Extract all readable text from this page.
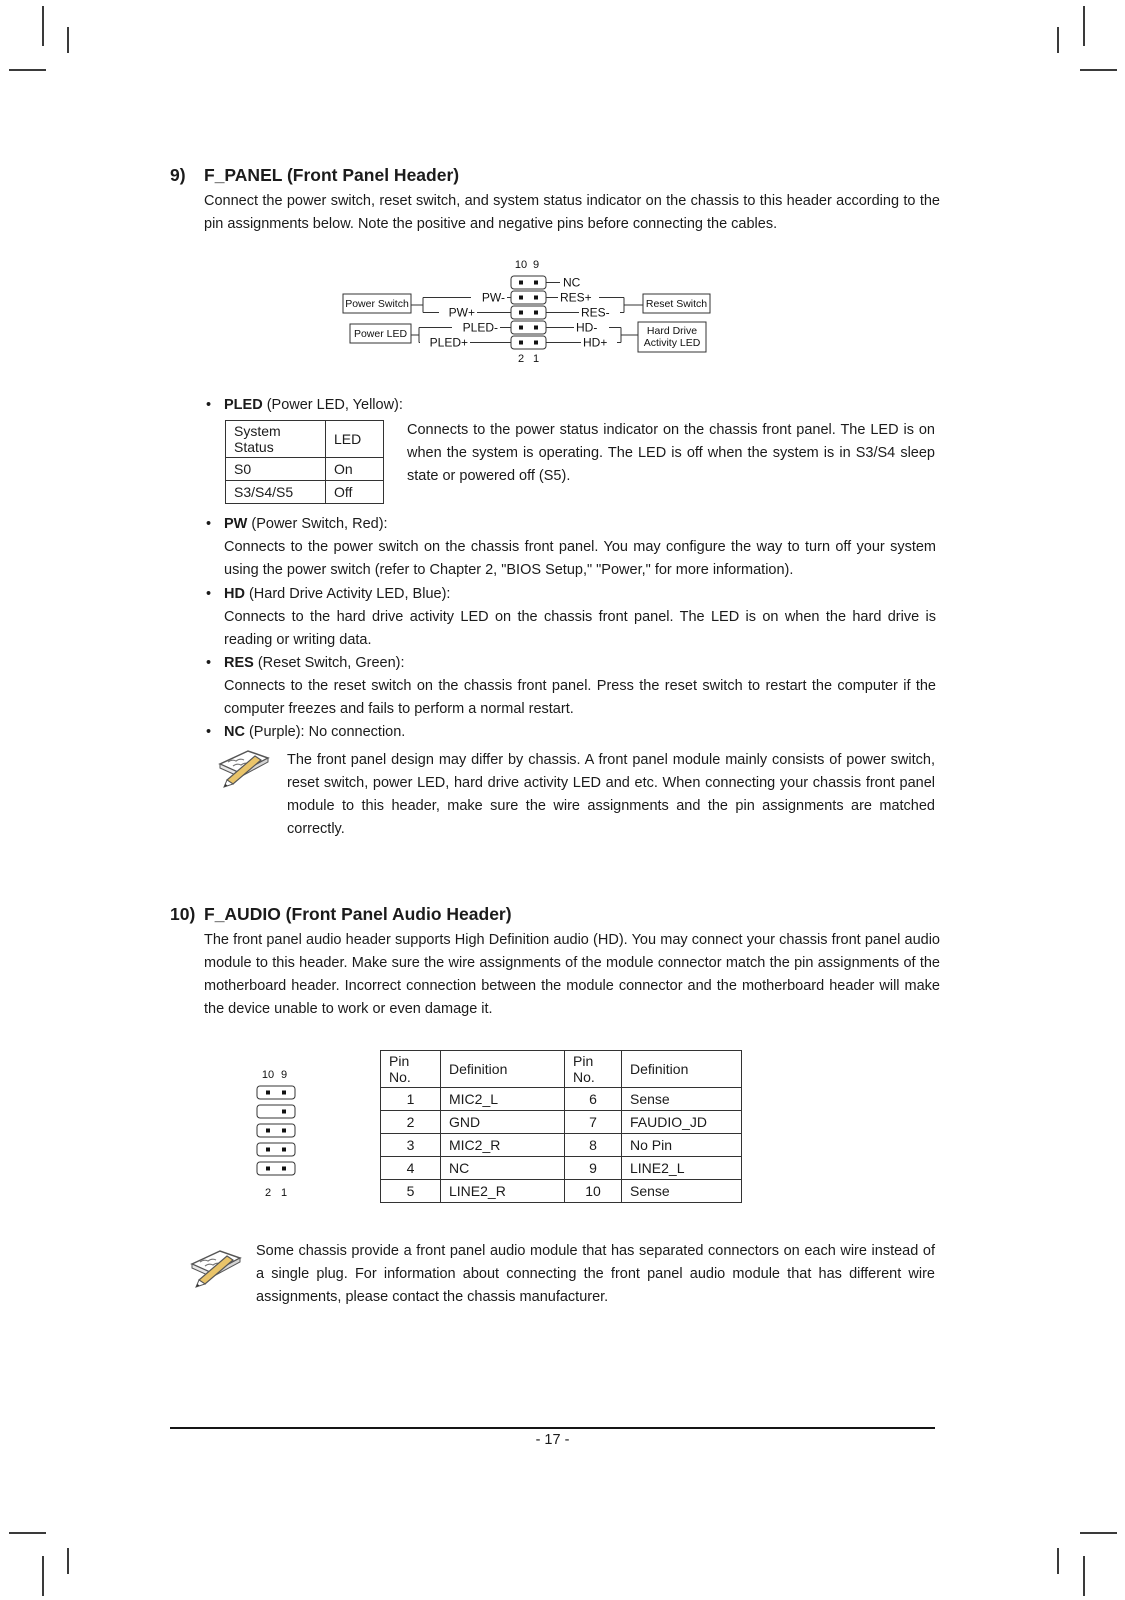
9) F_PANEL (Front Panel Header)
Connect the power switch, reset switch, and system status indicator on the chassis to this header according to the pin assignments below. Note the positive and negative pins before connecting the cables.
NC
PW-
PW+
PLED-
PLED+
RES+
RES-
HD-
HD+
10 9
2 1
Power Switch
Power LED
Reset Switch
Hard Drive
Activity LED
• PLED (Power LED, Yellow):
System Status	LED
S0	On
S3/S4/S5	Off
Connects to the power status indicator on the chassis front panel. The LED is on when the system is operating. The LED is off when the system is in S3/S4 sleep state or powered off (S5).
• PW (Power Switch, Red):
Connects to the power switch on the chassis front panel. You may configure the way to turn off your system using the power switch (refer to Chapter 2, "BIOS Setup," "Power," for more information).
• HD (Hard Drive Activity LED, Blue):
Connects to the hard drive activity LED on the chassis front panel. The LED is on when the hard drive is reading or writing data.
• RES (Reset Switch, Green):
Connects to the reset switch on the chassis front panel. Press the reset switch to restart the computer if the computer freezes and fails to perform a normal restart.
• NC (Purple): No connection.
The front panel design may differ by chassis. A front panel module mainly consists of power switch, reset switch, power LED, hard drive activity LED and etc. When connecting your chassis front panel module to this header, make sure the wire assignments and the pin assignments are matched correctly.
10) F_AUDIO (Front Panel Audio Header)
The front panel audio header supports High Definition audio (HD). You may connect your chassis front panel audio module to this header. Make sure the wire assignments of the module connector match the pin assignments of the motherboard header. Incorrect connection between the module connector and the motherboard header will make the device unable to work or even damage it.
10 9
2 1
Pin No.	Definition	Pin No.	Definition
1	MIC2_L	6	Sense
2	GND	7	FAUDIO_JD
3	MIC2_R	8	No Pin
4	NC	9	LINE2_L
5	LINE2_R	10	Sense
Some chassis provide a front panel audio module that has separated connectors on each wire instead of a single plug. For information about connecting the front panel audio module that has different wire assignments, please contact the chassis manufacturer.
- 17 -
